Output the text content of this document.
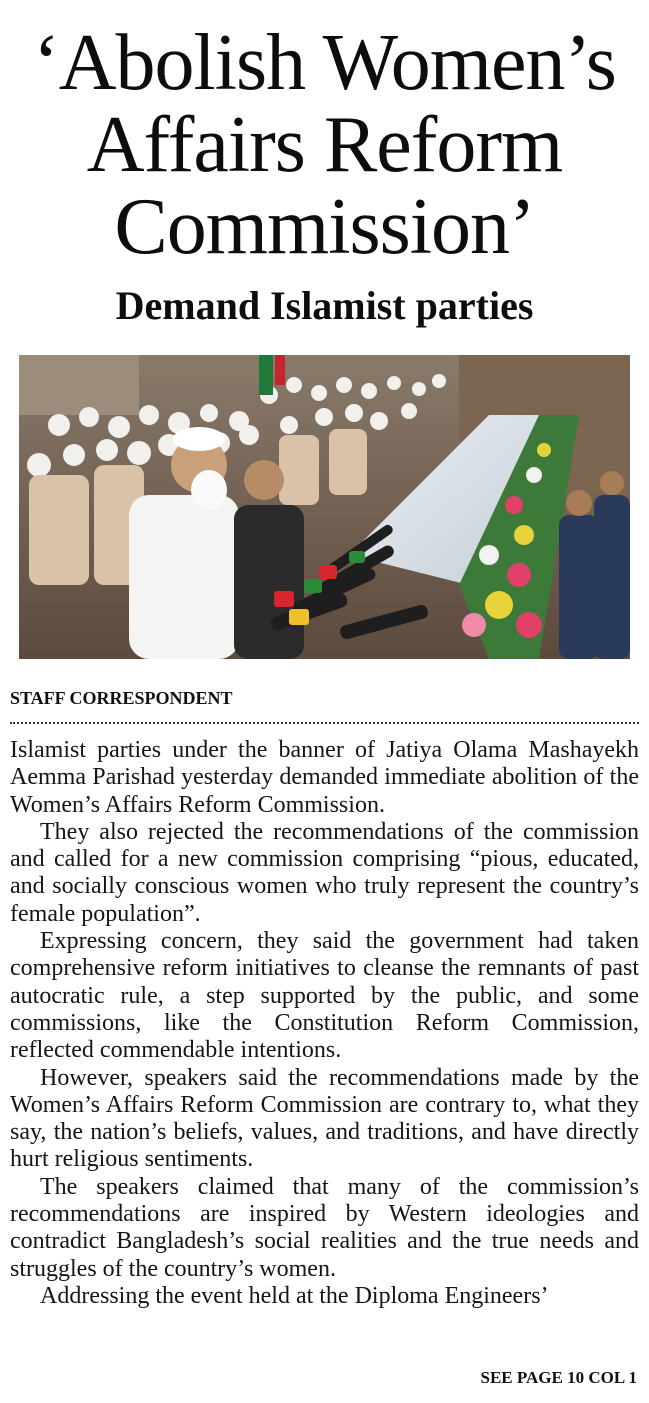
‘Abolish Women’s
Affairs Reform
Commission’
Demand Islamist parties
STAFF CORRESPONDENT

Islamist parties under the banner of Jatiya Olama Mashayekh Aemma Parishad yesterday demanded immediate abolition of the Women’s Affairs Reform Commission.

They also rejected the recommendations of the commission and called for a new commission comprising “pious, educated, and socially conscious women who truly represent the country’s female population”.

Expressing concern, they said the government had taken comprehensive reform initiatives to cleanse the remnants of past autocratic rule, a step supported by the public, and some commissions, like the Constitution Reform Commission, reflected commendable intentions.

However, speakers said the recommendations made by the Women’s Affairs Reform Commission are contrary to, what they say, the nation’s beliefs, values, and traditions, and have directly hurt religious sentiments.

The speakers claimed that many of the commission’s recommendations are inspired by Western ideologies and contradict Bangladesh’s social realities and the true needs and struggles of the country’s women.

Addressing the event held at the Diploma Engineers’

SEE PAGE 10 COL 1
